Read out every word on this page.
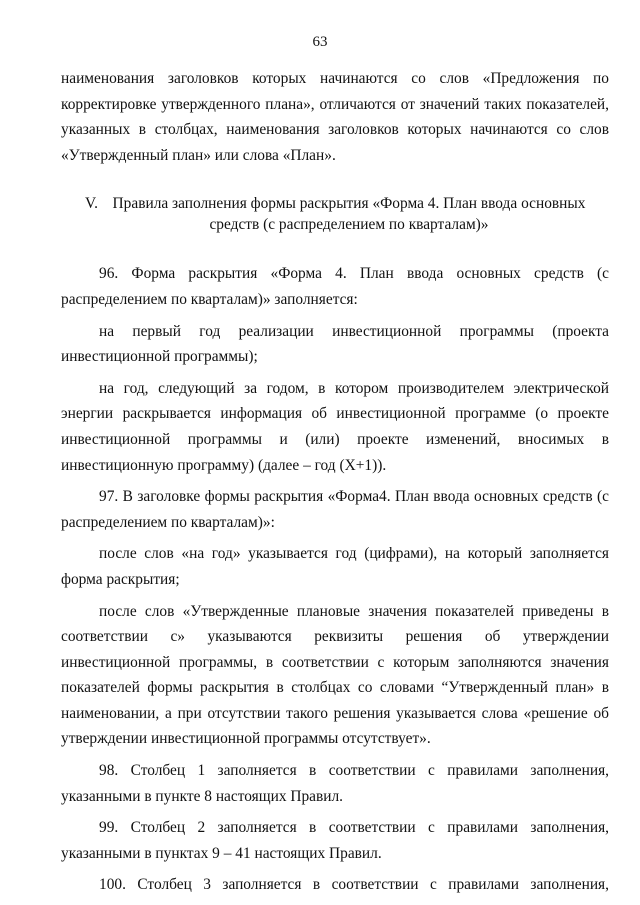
63

наименования заголовков которых начинаются со слов «Предложения по корректировке утвержденного плана», отличаются от значений таких показателей, указанных в столбцах, наименования заголовков которых начинаются со слов «Утвержденный план» или слова «План».

V. Правила заполнения формы раскрытия «Форма 4. План ввода основных средств (с распределением по кварталам)»

96. Форма раскрытия «Форма 4. План ввода основных средств (с распределением по кварталам)» заполняется:

на первый год реализации инвестиционной программы (проекта инвестиционной программы);

на год, следующий за годом, в котором производителем электрической энергии раскрывается информация об инвестиционной программе (о проекте инвестиционной программы и (или) проекте изменений, вносимых в инвестиционную программу) (далее – год (Х+1)).

97. В заголовке формы раскрытия «Форма4. План ввода основных средств (с распределением по кварталам)»:

после слов «на год» указывается год (цифрами), на который заполняется форма раскрытия;

после слов «Утвержденные плановые значения показателей приведены в соответствии с» указываются реквизиты решения об утверждении инвестиционной программы, в соответствии с которым заполняются значения показателей формы раскрытия в столбцах со словами “Утвержденный план» в наименовании, а при отсутствии такого решения указывается слова «решение об утверждении инвестиционной программы отсутствует».

98. Столбец 1 заполняется в соответствии с правилами заполнения, указанными в пункте 8 настоящих Правил.

99. Столбец 2 заполняется в соответствии с правилами заполнения, указанными в пунктах 9 – 41 настоящих Правил.

100. Столбец 3 заполняется в соответствии с правилами заполнения,
